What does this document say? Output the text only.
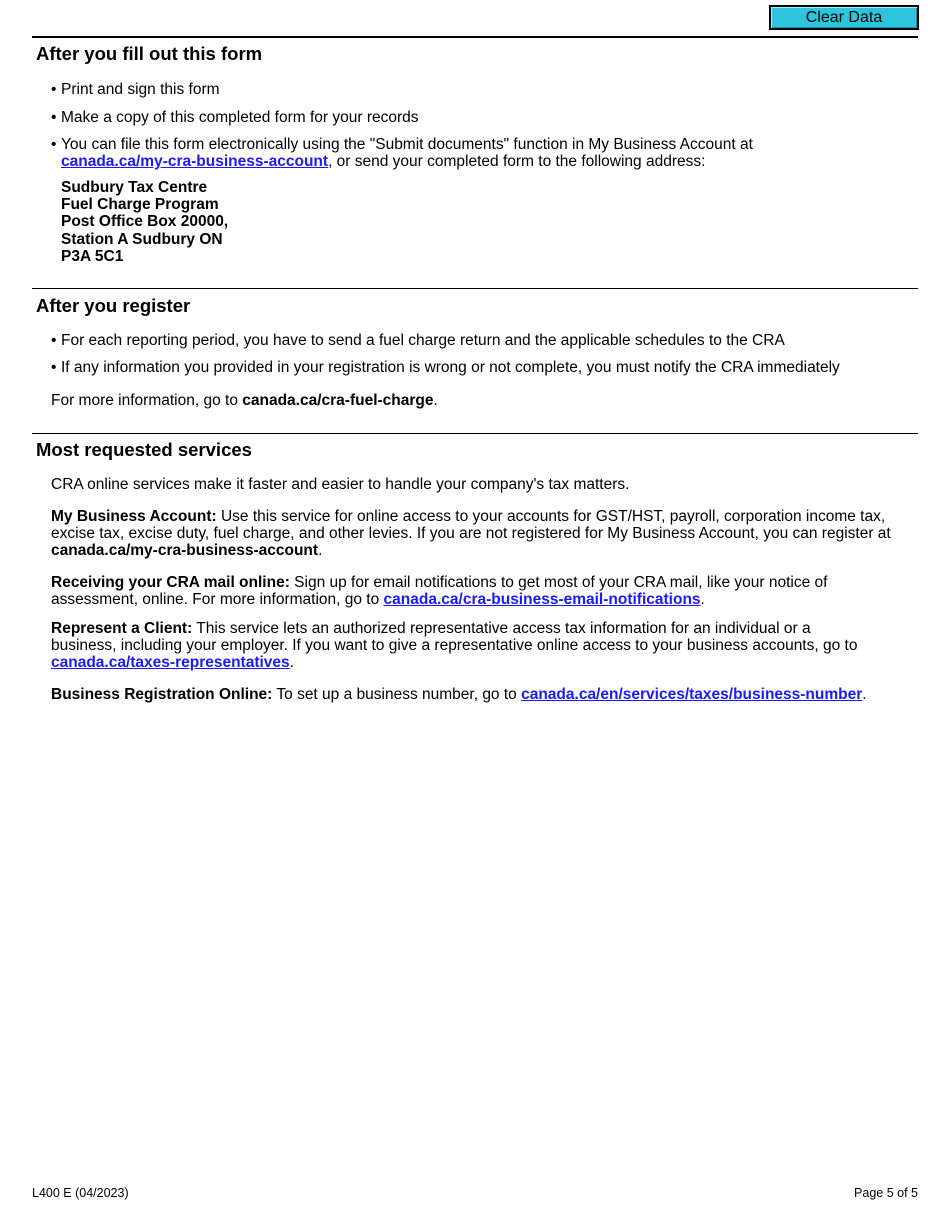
Clear Data
After you fill out this form

• Print and sign this form

• Make a copy of this completed form for your records

• You can file this form electronically using the "Submit documents" function in My Business Account at
canada.ca/my-cra-business-account, or send your completed form to the following address:

Sudbury Tax Centre
Fuel Charge Program
Post Office Box 20000,
Station A Sudbury ON
P3A 5C1
After you register

• For each reporting period, you have to send a fuel charge return and the applicable schedules to the CRA

• If any information you provided in your registration is wrong or not complete, you must notify the CRA immediately

For more information, go to canada.ca/cra-fuel-charge.

Most requested services

CRA online services make it faster and easier to handle your company's tax matters.

My Business Account: Use this service for online access to your accounts for GST/HST, payroll, corporation income tax, excise tax, excise duty, fuel charge, and other levies. If you are not registered for My Business Account, you can register at canada.ca/my-cra-business-account.

Receiving your CRA mail online: Sign up for email notifications to get most of your CRA mail, like your notice of assessment, online. For more information, go to canada.ca/cra-business-email-notifications.

Represent a Client: This service lets an authorized representative access tax information for an individual or a business, including your employer. If you want to give a representative online access to your business accounts, go to canada.ca/taxes-representatives.

Business Registration Online: To set up a business number, go to canada.ca/en/services/taxes/business-number.

L400 E (04/2023)	Page 5 of 5
